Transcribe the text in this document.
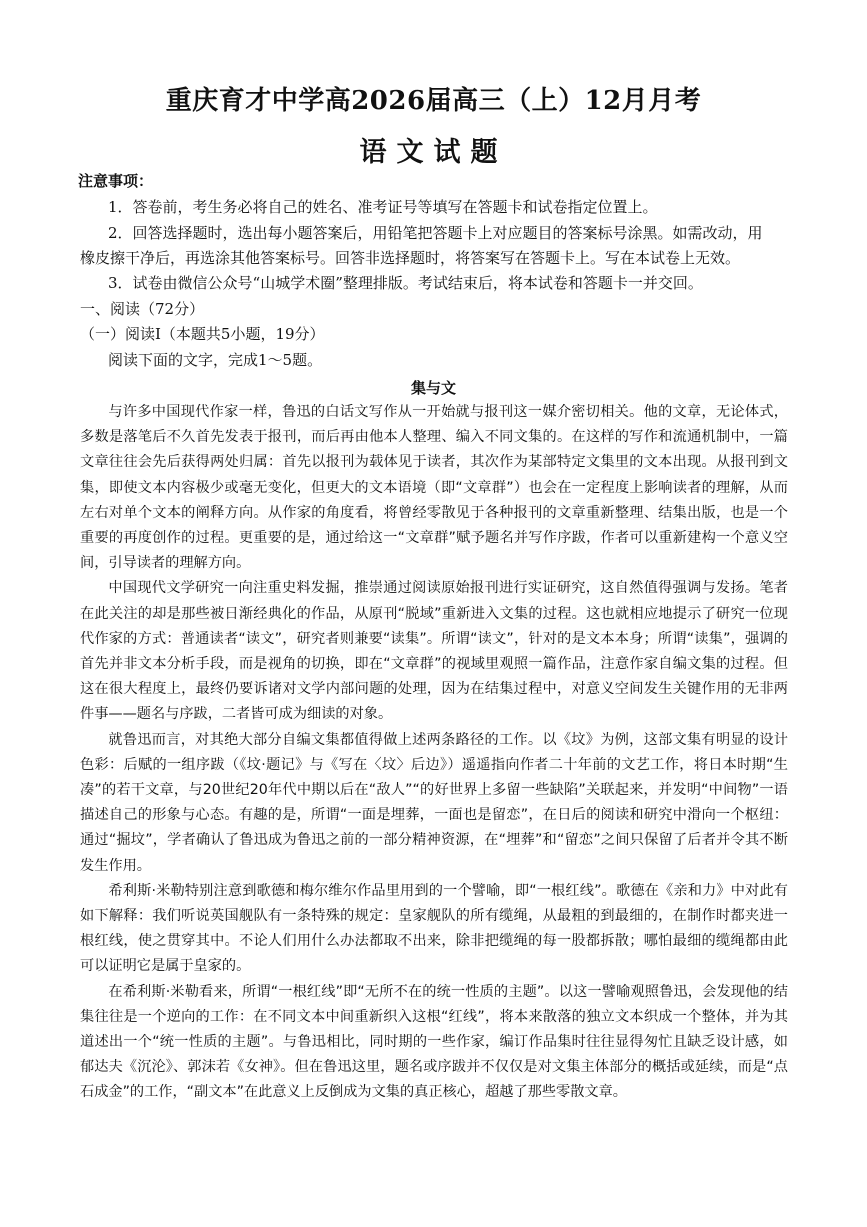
重庆育才中学高2026届高三（上）12月月考
语文试题
注意事项：
1．答卷前，考生务必将自己的姓名、准考证号等填写在答题卡和试卷指定位置上。
2．回答选择题时，选出每小题答案后，用铅笔把答题卡上对应题目的答案标号涂黑。如需改动，用
橡皮擦干净后，再选涂其他答案标号。回答非选择题时，将答案写在答题卡上。写在本试卷上无效。
3．试卷由微信公众号“山城学术圈”整理排版。考试结束后，将本试卷和答题卡一并交回。
一、阅读（72分）
（一）阅读Ⅰ（本题共5小题，19分）
阅读下面的文字，完成1～5题。
集与文

与许多中国现代作家一样，鲁迅的白话文写作从一开始就与报刊这一媒介密切相关。他的文章，无论体式，多数是落笔后不久首先发表于报刊，而后再由他本人整理、编入不同文集的。在这样的写作和流通机制中，一篇文章往往会先后获得两处归属：首先以报刊为载体见于读者，其次作为某部特定文集里的文本出现。从报刊到文集，即使文本内容极少或毫无变化，但更大的文本语境（即“文章群”）也会在一定程度上影响读者的理解，从而左右对单个文本的阐释方向。从作家的角度看，将曾经零散见于各种报刊的文章重新整理、结集出版，也是一个重要的再度创作的过程。更重要的是，通过给这一“文章群”赋予题名并写作序跋，作者可以重新建构一个意义空间，引导读者的理解方向。

中国现代文学研究一向注重史料发掘，推崇通过阅读原始报刊进行实证研究，这自然值得强调与发扬。笔者在此关注的却是那些被日渐经典化的作品，从原刊“脱域”重新进入文集的过程。这也就相应地提示了研究一位现代作家的方式：普通读者“读文”，研究者则兼要“读集”。所谓“读文”，针对的是文本本身；所谓“读集”，强调的首先并非文本分析手段，而是视角的切换，即在“文章群”的视域里观照一篇作品，注意作家自编文集的过程。但这在很大程度上，最终仍要诉诸对文学内部问题的处理，因为在结集过程中，对意义空间发生关键作用的无非两件事——题名与序跋，二者皆可成为细读的对象。

就鲁迅而言，对其绝大部分自编文集都值得做上述两条路径的工作。以《坟》为例，这部文集有明显的设计色彩：后赋的一组序跋（《坟·题记》与《写在〈坟〉后边》）遥遥指向作者二十年前的文艺工作，将日本时期“生凑”的若干文章，与20世纪20年代中期以后在“敌人”“的好世界上多留一些缺陷”关联起来，并发明“中间物”一语描述自己的形象与心态。有趣的是，所谓“一面是埋葬，一面也是留恋”，在日后的阅读和研究中滑向一个枢纽：通过“掘坟”，学者确认了鲁迅成为鲁迅之前的一部分精神资源，在“埋葬”和“留恋”之间只保留了后者并令其不断发生作用。

希利斯·米勒特别注意到歌德和梅尔维尔作品里用到的一个譬喻，即“一根红线”。歌德在《亲和力》中对此有如下解释：我们听说英国舰队有一条特殊的规定：皇家舰队的所有缆绳，从最粗的到最细的，在制作时都夹进一根红线，使之贯穿其中。不论人们用什么办法都取不出来，除非把缆绳的每一股都拆散；哪怕最细的缆绳都由此可以证明它是属于皇家的。

在希利斯·米勒看来，所谓“一根红线”即“无所不在的统一性质的主题”。以这一譬喻观照鲁迅，会发现他的结集往往是一个逆向的工作：在不同文本中间重新织入这根“红线”，将本来散落的独立文本织成一个整体，并为其道述出一个“统一性质的主题”。与鲁迅相比，同时期的一些作家，编订作品集时往往显得匆忙且缺乏设计感，如郁达夫《沉沦》、郭沫若《女神》。但在鲁迅这里，题名或序跋并不仅仅是对文集主体部分的概括或延续，而是“点石成金”的工作，“副文本”在此意义上反倒成为文集的真正核心，超越了那些零散文章。
